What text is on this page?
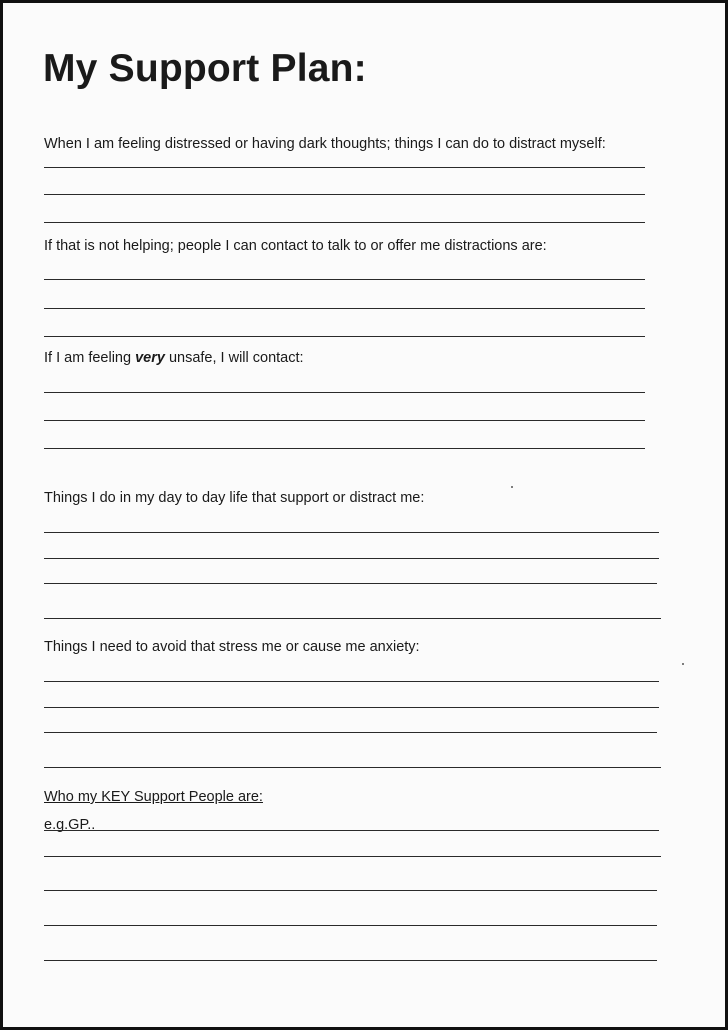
My Support Plan:
When I am feeling distressed or having dark thoughts; things I can do to distract myself:
If that is not helping; people I can contact to talk to or offer me distractions are:
If I am feeling very unsafe, I will contact:
Things I do in my day to day life that support or distract me:
Things I need to avoid that stress me or cause me anxiety:
Who my KEY Support People are:
e.g.GP..
